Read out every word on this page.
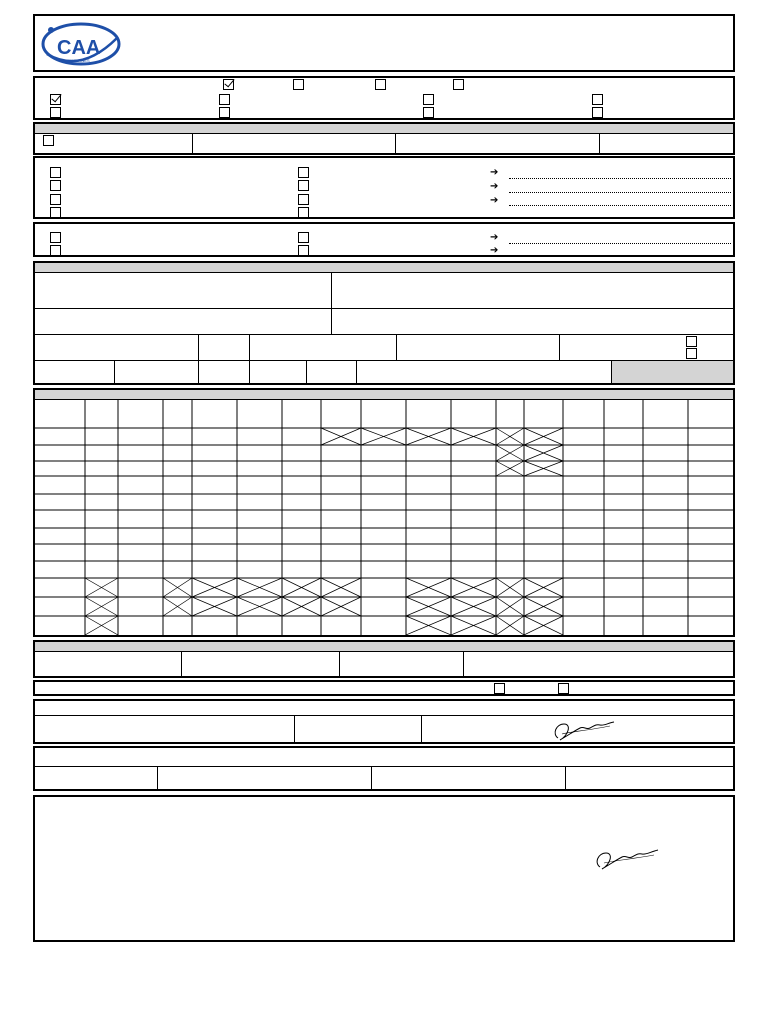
CAA
PHILIPPINES
➔
➔
➔
➔
➔
